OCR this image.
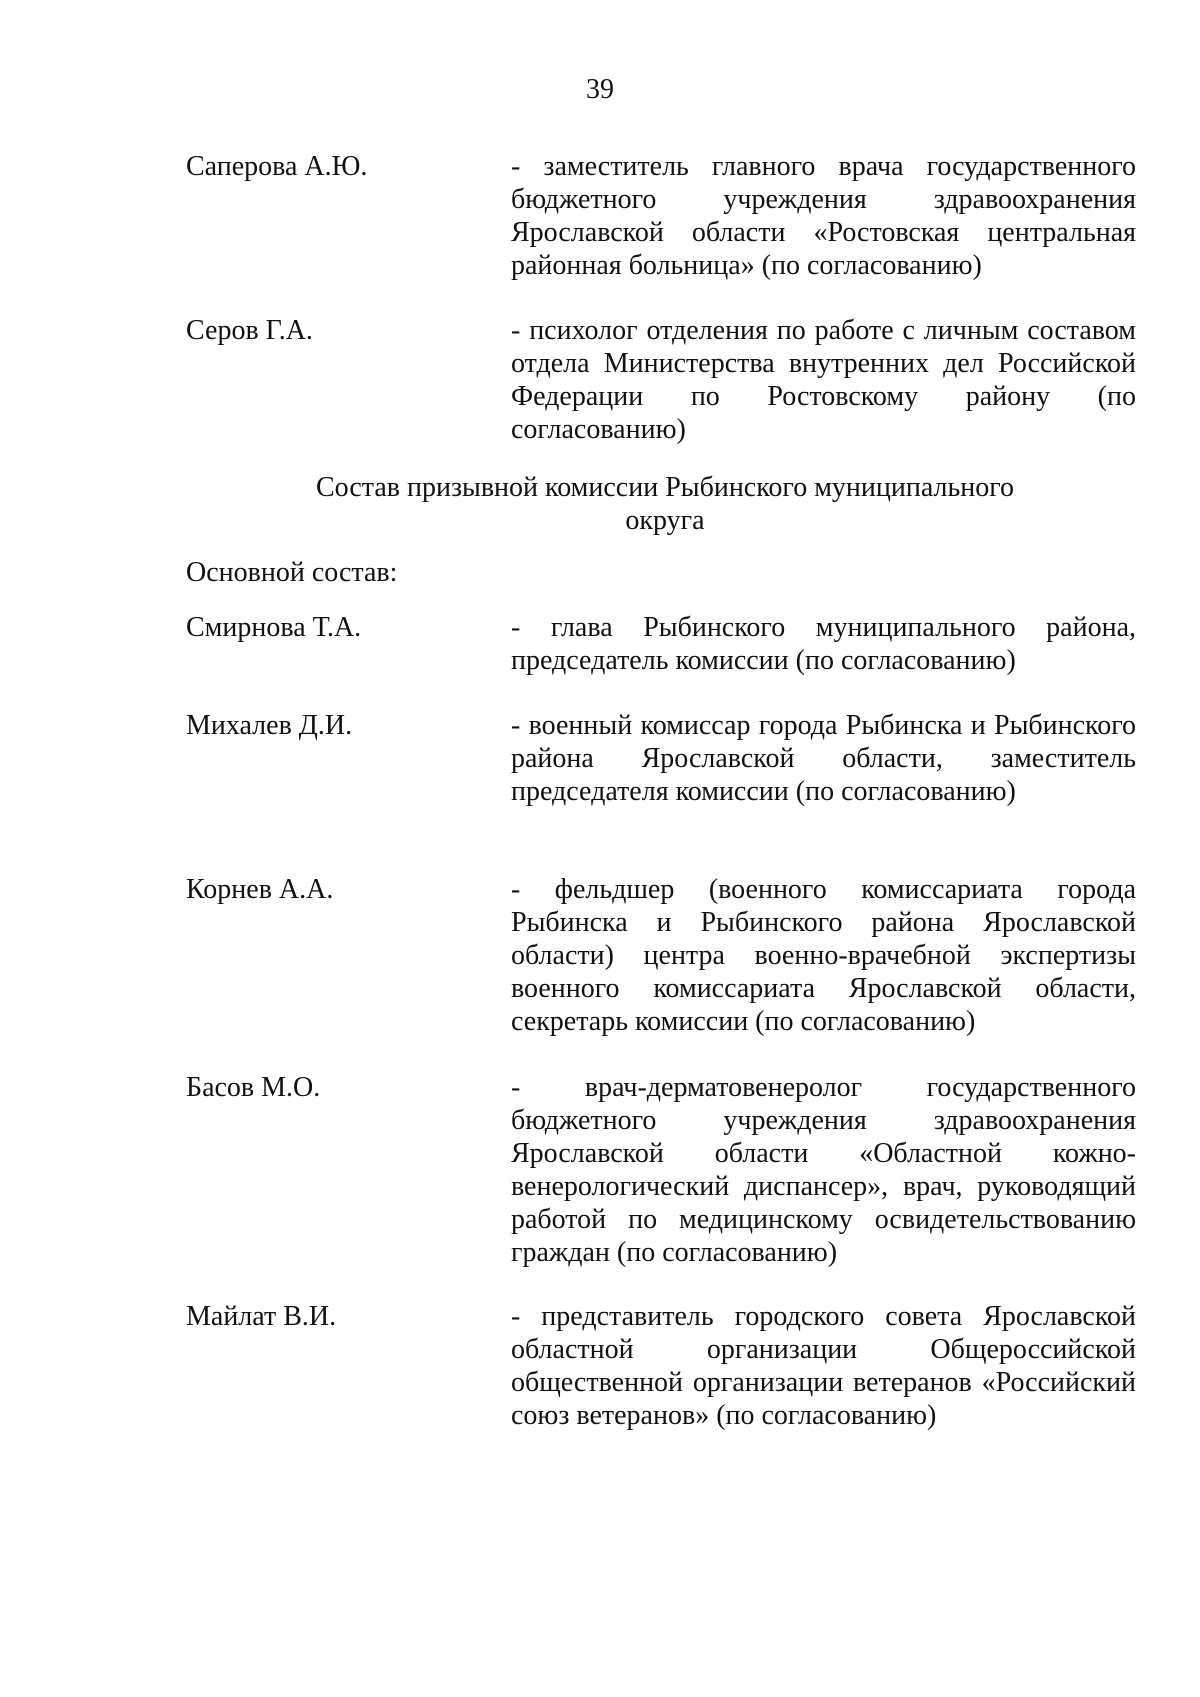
39
Саперова А.Ю.	- заместитель главного врача государственного бюджетного учреждения здравоохранения Ярославской области «Ростовская центральная районная больница» (по согласованию)
Серов Г.А.	- психолог отделения по работе с личным составом отдела Министерства внутренних дел Российской Федерации по Ростовскому району (по согласованию)
Состав призывной комиссии Рыбинского муниципального округа
Основной состав:
Смирнова Т.А.	- глава Рыбинского муниципального района, председатель комиссии (по согласованию)
Михалев Д.И.	- военный комиссар города Рыбинска и Рыбинского района Ярославской области, заместитель председателя комиссии (по согласованию)
Корнев А.А.	- фельдшер (военного комиссариата города Рыбинска и Рыбинского района Ярославской области) центра военно-врачебной экспертизы военного комиссариата Ярославской области, секретарь комиссии (по согласованию)
Басов М.О.	- врач-дерматовенеролог государственного бюджетного учреждения здравоохранения Ярославской области «Областной кожно-венерологический диспансер», врач, руководящий работой по медицинскому освидетельствованию граждан (по согласованию)
Майлат В.И.	- представитель городского совета Ярославской областной организации Общероссийской общественной организации ветеранов «Российский союз ветеранов» (по согласованию)
